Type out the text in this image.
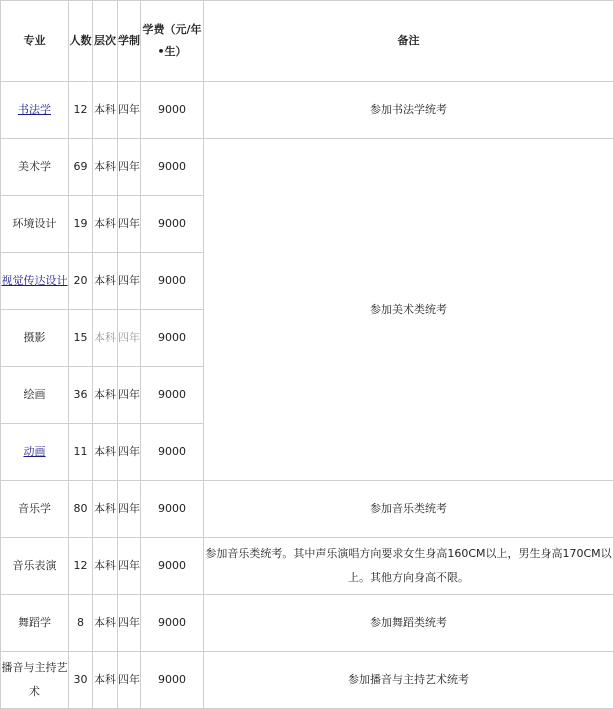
专业	人数	层次	学制	学费（元/年•生）	备注
书法学	12	本科	四年	9000	参加书法学统考
美术学	69	本科	四年	9000	参加美术类统考
环境设计	19	本科	四年	9000	
视觉传达设计	20	本科	四年	9000	
摄影	15	本科	四年	9000	
绘画	36	本科	四年	9000	
动画	11	本科	四年	9000	
音乐学	80	本科	四年	9000	参加音乐类统考
音乐表演	12	本科	四年	9000	参加音乐类统考。其中声乐演唱方向要求女生身高160CM以上，男生身高170CM以上。其他方向身高不限。
舞蹈学	8	本科	四年	9000	参加舞蹈类统考
播音与主持艺术	30	本科	四年	9000	参加播音与主持艺术统考
